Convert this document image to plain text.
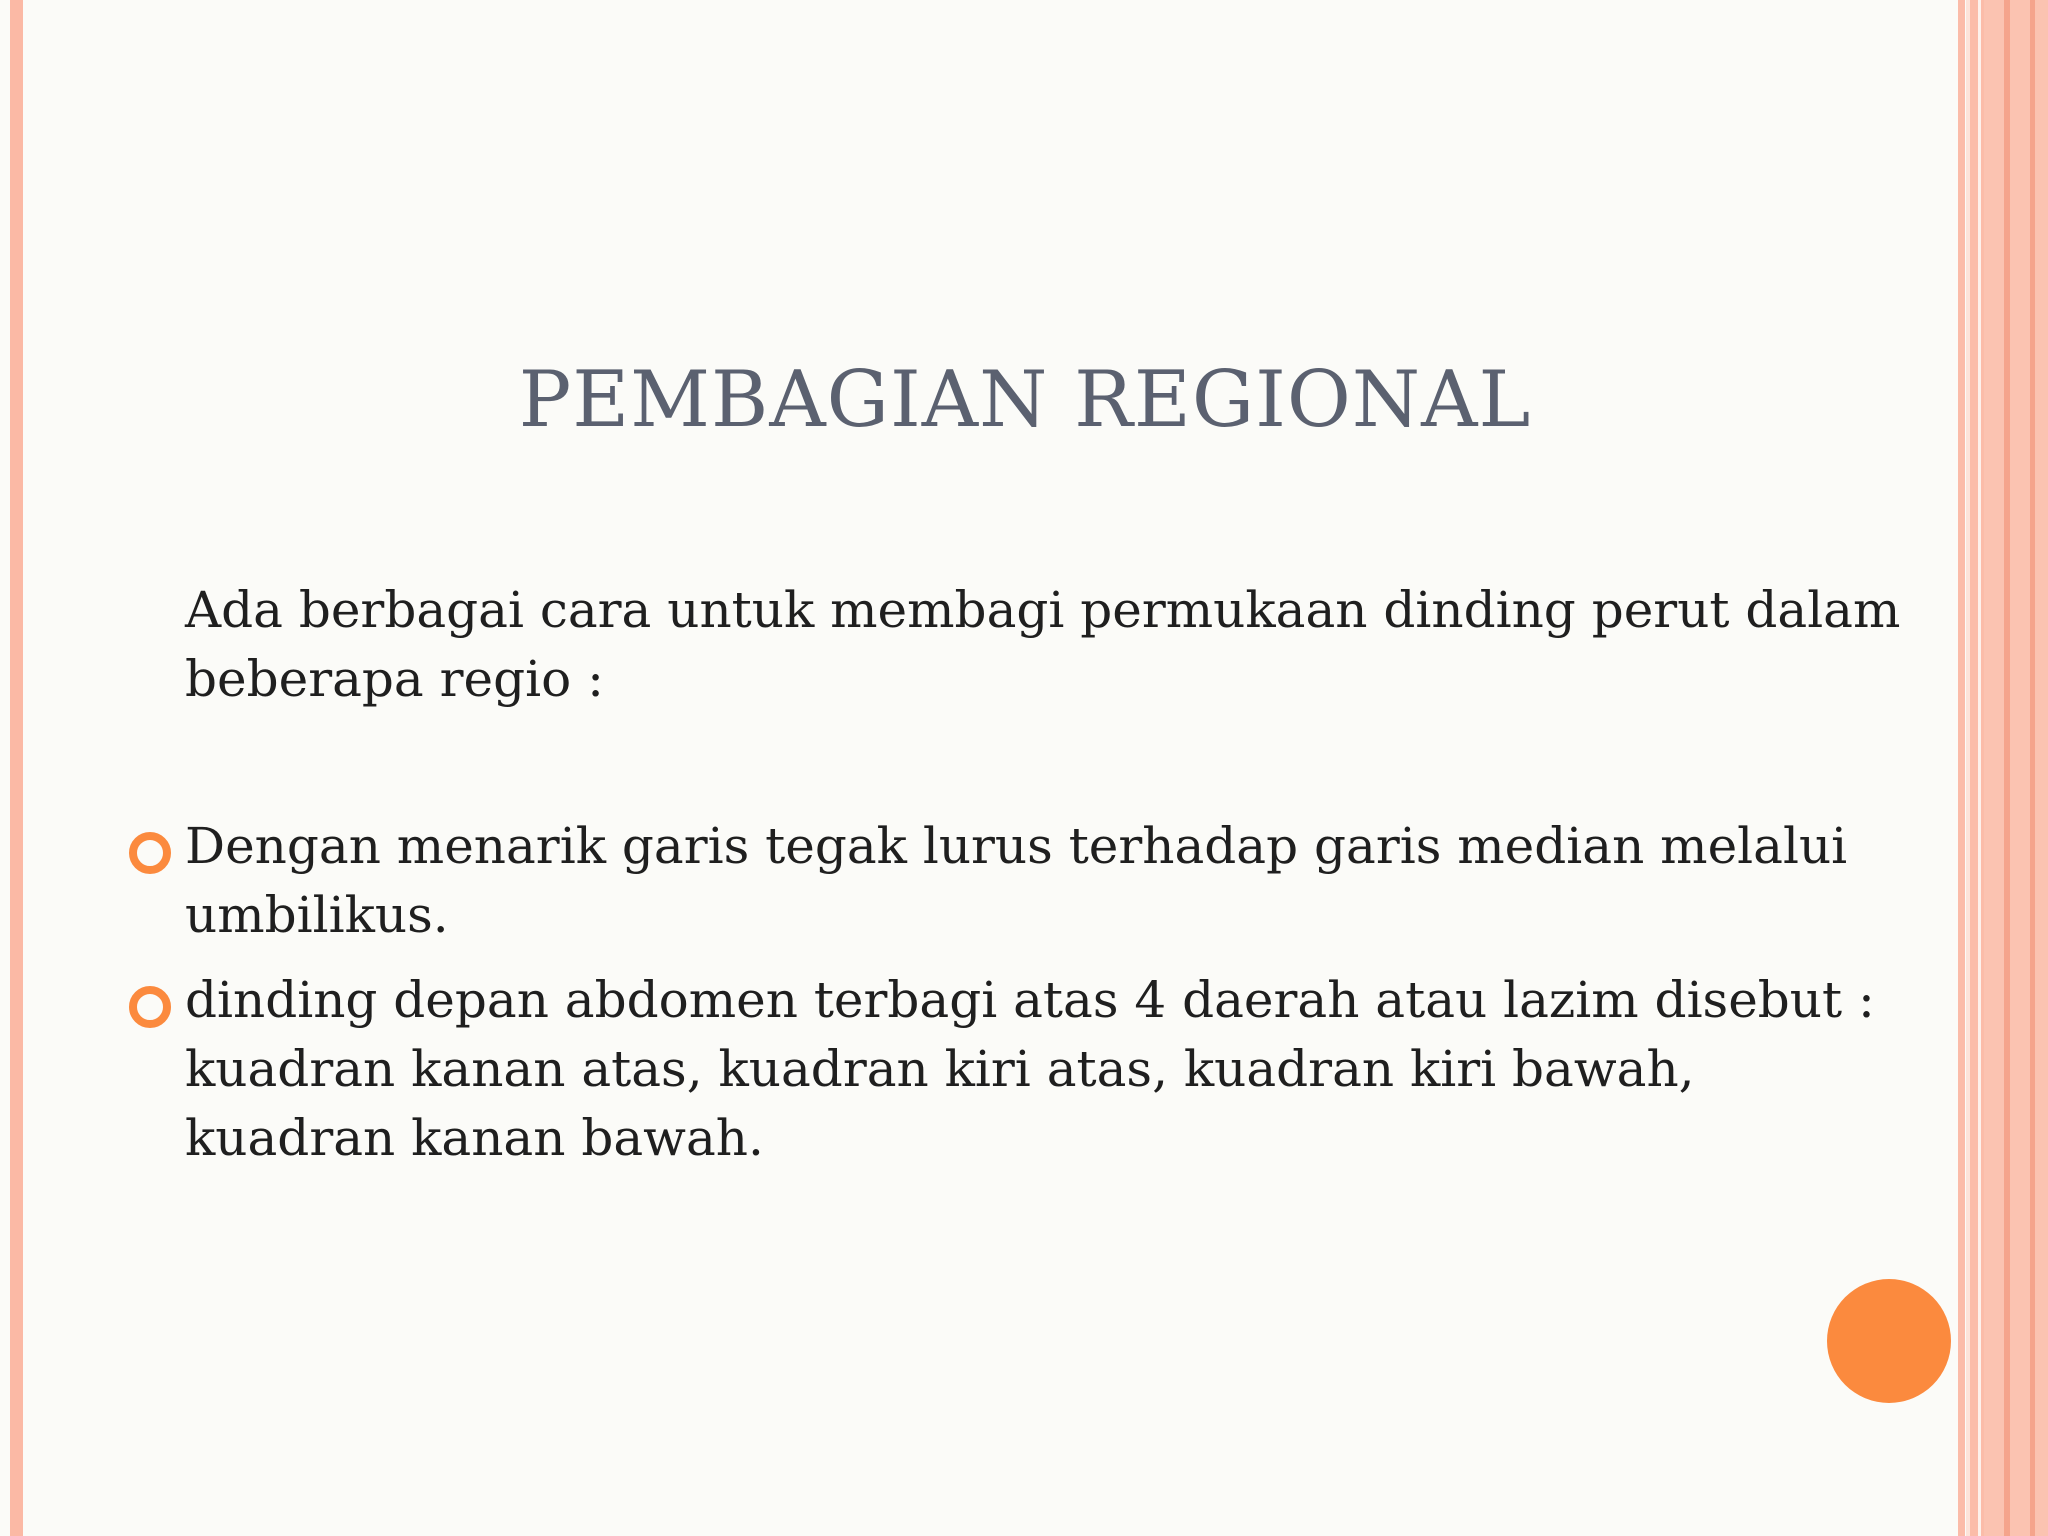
PEMBAGIAN REGIONAL

Ada berbagai cara untuk membagi permukaan dinding perut dalam beberapa regio :

Dengan menarik garis tegak lurus terhadap garis median melalui umbilikus.
dinding depan abdomen terbagi atas 4 daerah atau lazim disebut : kuadran kanan atas, kuadran kiri atas, kuadran kiri bawah, kuadran kanan bawah.
